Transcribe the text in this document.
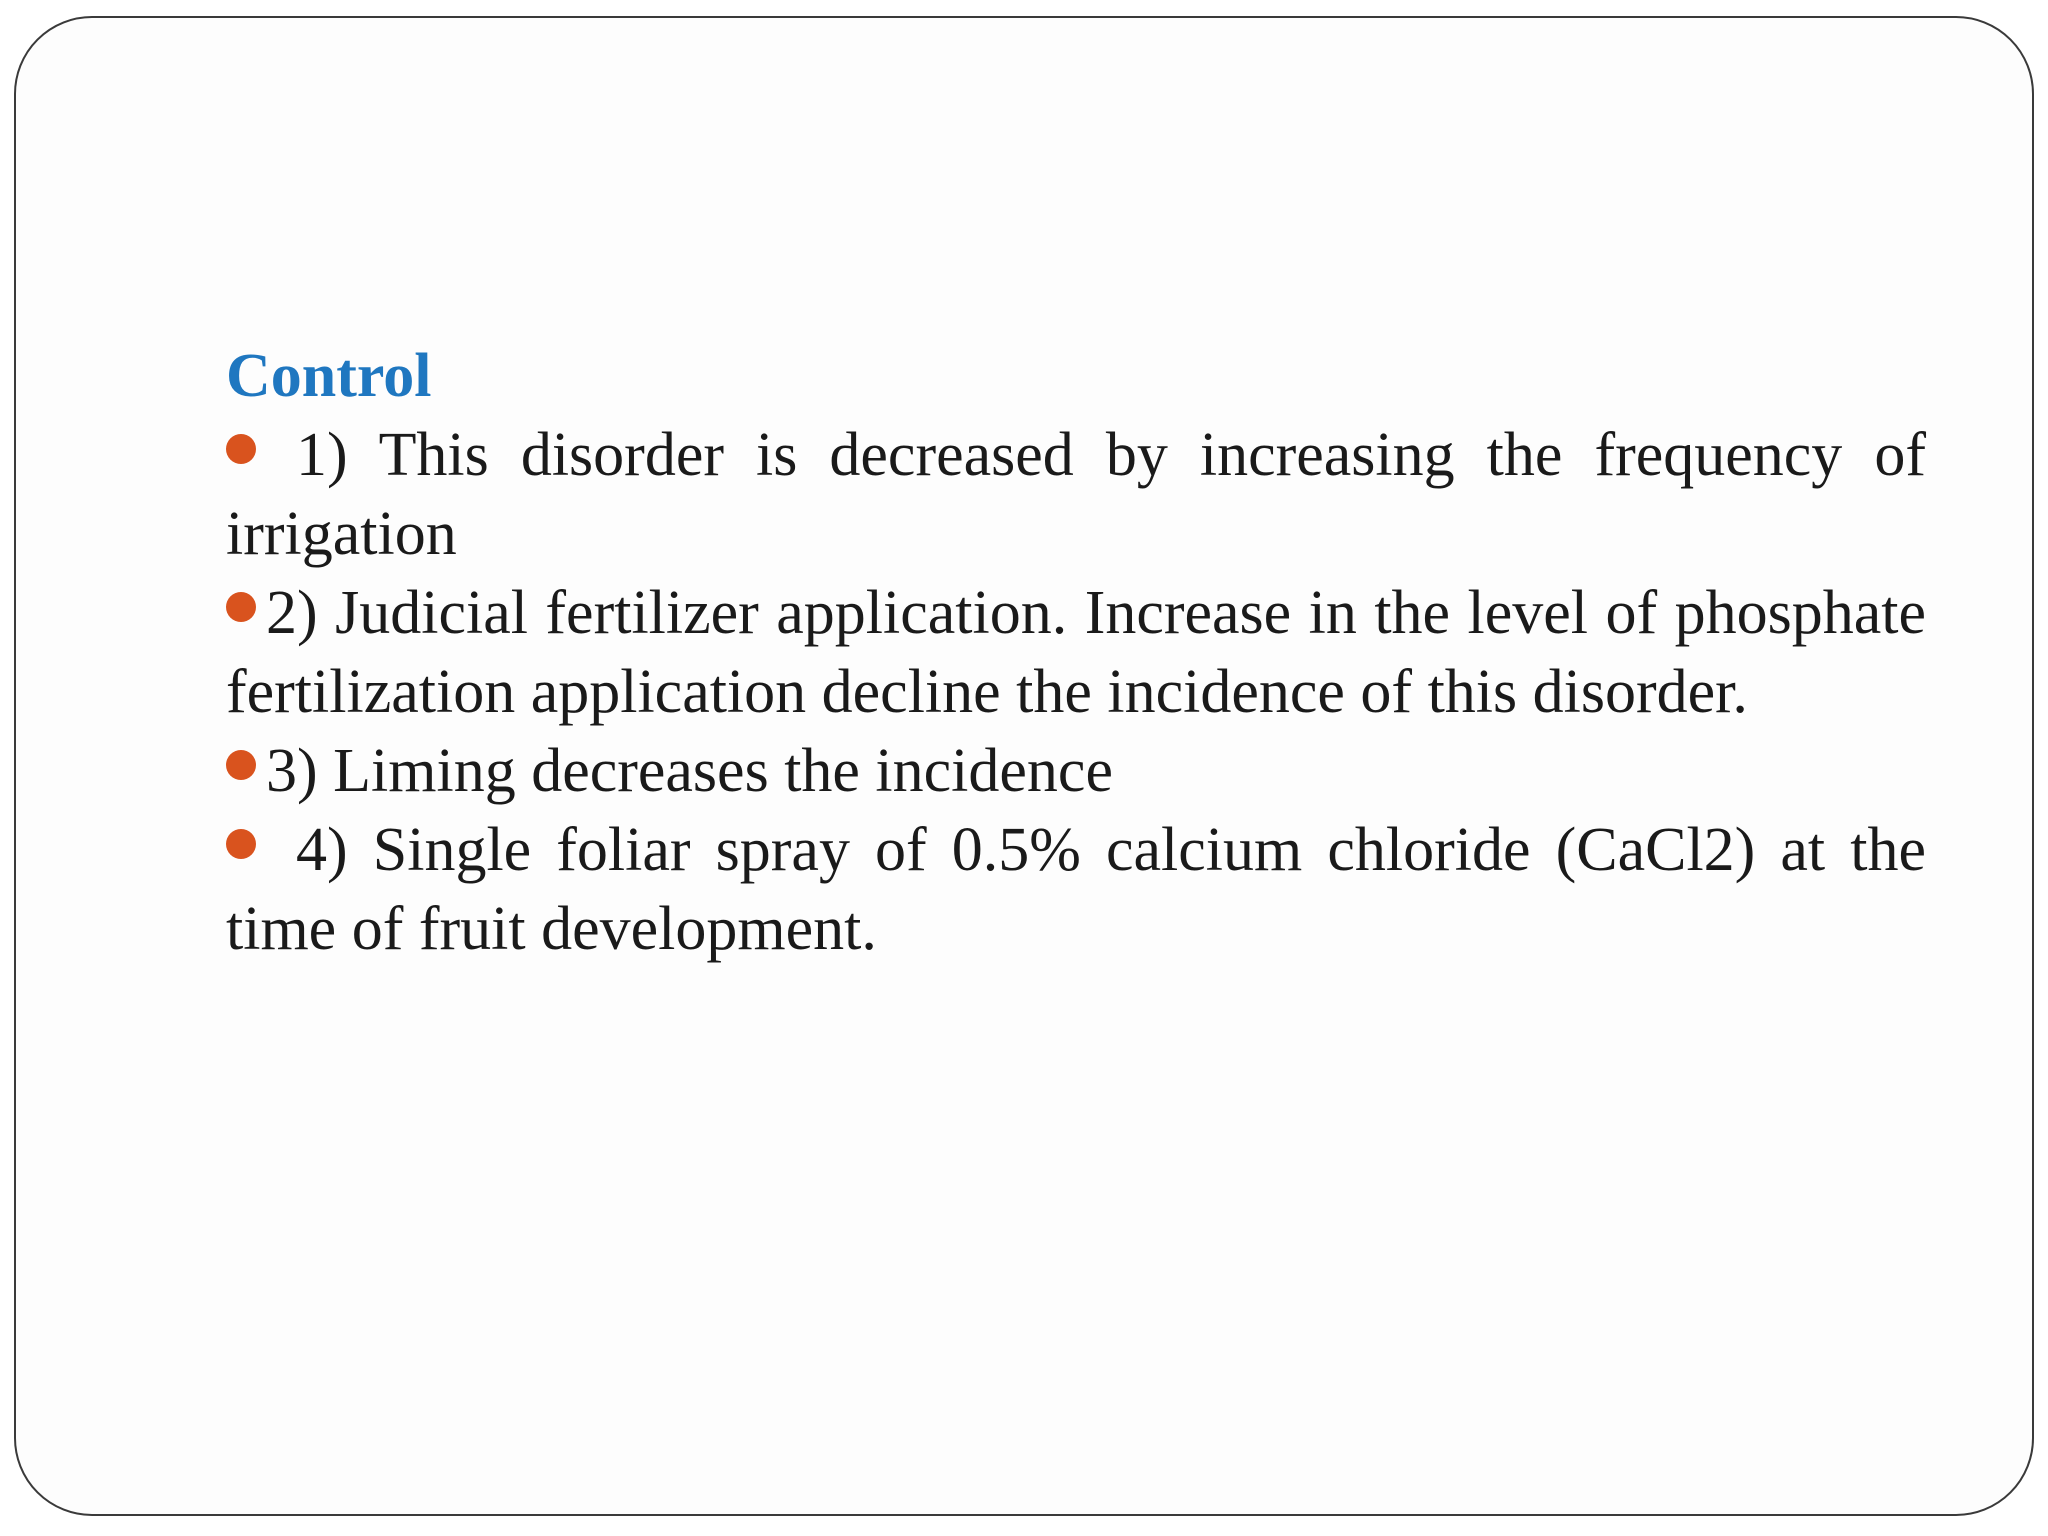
Control

1) This disorder is decreased by increasing the frequency of irrigation
2) Judicial fertilizer application. Increase in the level of phosphate fertilization application decline the incidence of this disorder.
3) Liming decreases the incidence
4) Single foliar spray of 0.5% calcium chloride (CaCl2) at the time of fruit development.
